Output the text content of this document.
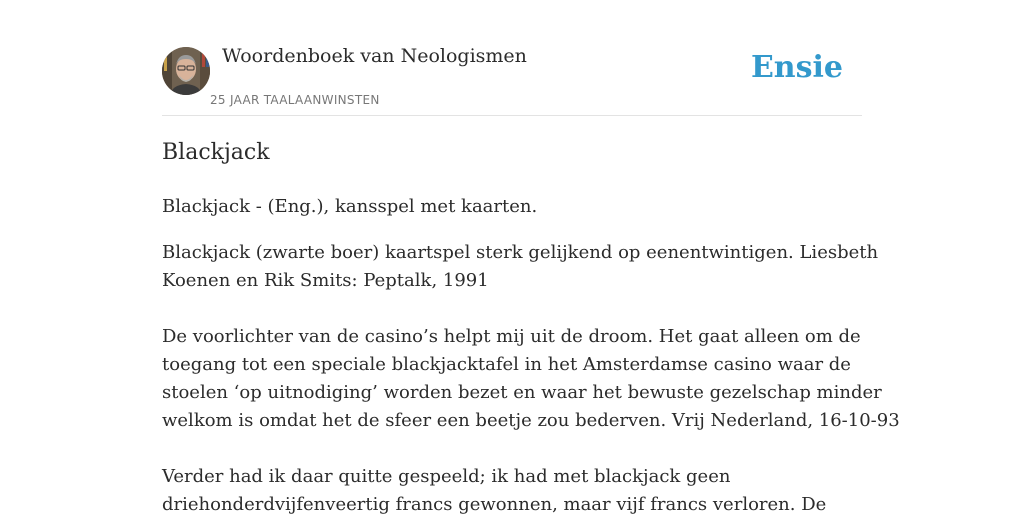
Woordenboek van Neologismen
25 JAAR TAALAANWINSTEN
Ensie
Blackjack

Blackjack - (Eng.), kansspel met kaarten.

Blackjack (zwarte boer) kaartspel sterk gelijkend op eenentwintigen. Liesbeth
Koenen en Rik Smits: Peptalk, 1991

De voorlichter van de casino’s helpt mij uit de droom. Het gaat alleen om de
toegang tot een speciale blackjacktafel in het Amsterdamse casino waar de
stoelen ‘op uitnodiging’ worden bezet en waar het bewuste gezelschap minder
welkom is omdat het de sfeer een beetje zou bederven. Vrij Nederland, 16-10-93

Verder had ik daar quitte gespeeld; ik had met blackjack geen
driehonderdvijfenveertig francs gewonnen, maar vijf francs verloren. De
